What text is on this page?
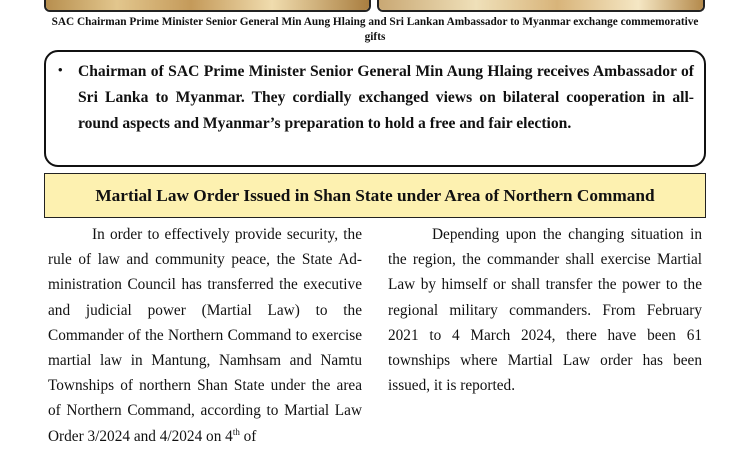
SAC Chairman Prime Minister Senior General Min Aung Hlaing and Sri Lankan Ambassador to Myanmar exchange commemorative gifts
• Chairman of SAC Prime Minister Senior General Min Aung Hlaing receives Ambassador of Sri Lanka to Myanmar. They cordially exchanged views on bilateral cooperation in all-round aspects and Myanmar’s preparation to hold a free and fair election.

Martial Law Order Issued in Shan State under Area of Northern Command

In order to effectively provide security, the rule of law and community peace, the State Ad-ministration Council has transferred the executive and judicial power (Martial Law) to the Commander of the Northern Command to exercise martial law in Mantung, Namhsam and Namtu Townships of northern Shan State under the area of Northern Command, according to Martial Law Order 3/2024 and 4/2024 on 4th of

Depending upon the changing situation in the region, the commander shall exercise Martial Law by himself or shall transfer the power to the regional military commanders. From February 2021 to 4 March 2024, there have been 61 townships where Martial Law order has been issued, it is reported.
